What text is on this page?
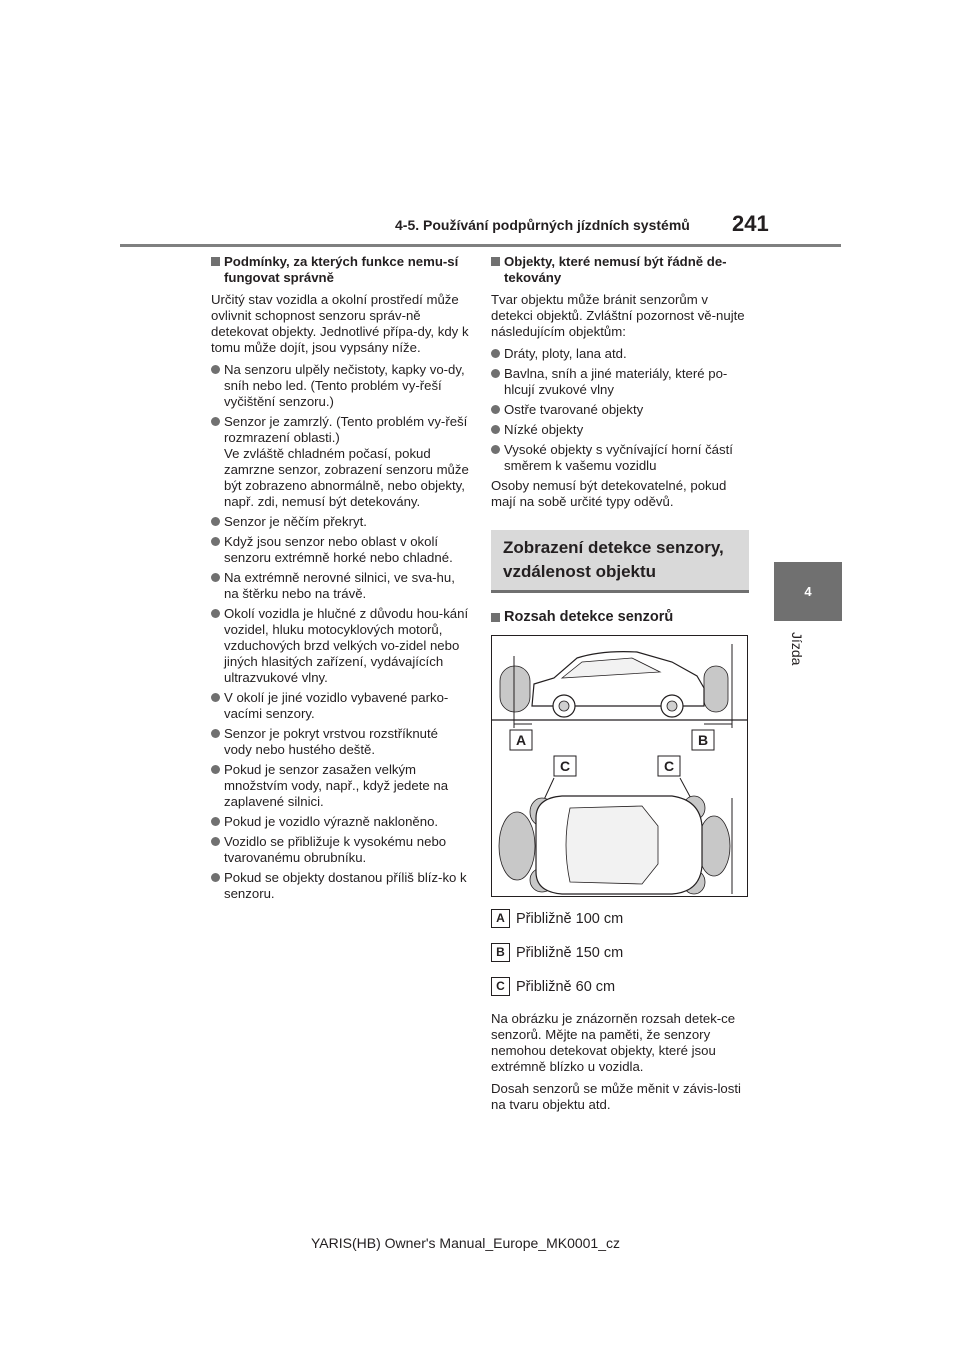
4-5. Používání podpůrných jízdních systémů 241
4
Jízda
Podmínky, za kterých funkce nemu-sí fungovat správně

Určitý stav vozidla a okolní prostředí může ovlivnit schopnost senzoru správ-ně detekovat objekty. Jednotlivé přípa-dy, kdy k tomu může dojít, jsou vypsány níže.

Na senzoru ulpěly nečistoty, kapky vo-dy, sníh nebo led. (Tento problém vy-řeší vyčištění senzoru.)
Senzor je zamrzlý. (Tento problém vy-řeší rozmrazení oblasti.)
Ve zvláště chladném počasí, pokud zamrzne senzor, zobrazení senzoru může být zobrazeno abnormálně, nebo objekty, např. zdi, nemusí být detekovány.
Senzor je něčím překryt.
Když jsou senzor nebo oblast v okolí senzoru extrémně horké nebo chladné.
Na extrémně nerovné silnici, ve sva-hu, na štěrku nebo na trávě.
Okolí vozidla je hlučné z důvodu hou-kání vozidel, hluku motocyklových motorů, vzduchových brzd velkých vo-zidel nebo jiných hlasitých zařízení, vydávajících ultrazvukové vlny.
V okolí je jiné vozidlo vybavené parko-vacími senzory.
Senzor je pokryt vrstvou rozstříknuté vody nebo hustého deště.
Pokud je senzor zasažen velkým množstvím vody, např., když jedete na zaplavené silnici.
Pokud je vozidlo výrazně nakloněno.
Vozidlo se přibližuje k vysokému nebo tvarovanému obrubníku.
Pokud se objekty dostanou příliš blíz-ko k senzoru.
Objekty, které nemusí být řádně de-tekovány

Tvar objektu může bránit senzorům v detekci objektů. Zvláštní pozornost vě-nujte následujícím objektům:

Dráty, ploty, lana atd.
Bavlna, sníh a jiné materiály, které po-hlcují zvukové vlny
Ostře tvarované objekty
Nízké objekty
Vysoké objekty s vyčnívající horní částí směrem k vašemu vozidlu

Osoby nemusí být detekovatelné, pokud mají na sobě určité typy oděvů.

Zobrazení detekce senzory,
vzdálenost objektu
Rozsah detekce senzorů
A	B
C	C
A Přibližně 100 cm
B Přibližně 150 cm
C Přibližně 60 cm

Na obrázku je znázorněn rozsah detek-ce senzorů. Mějte na paměti, že senzory nemohou detekovat objekty, které jsou extrémně blízko u vozidla.

Dosah senzorů se může měnit v závis-losti na tvaru objektu atd.

YARIS(HB) Owner's Manual_Europe_MK0001_cz
